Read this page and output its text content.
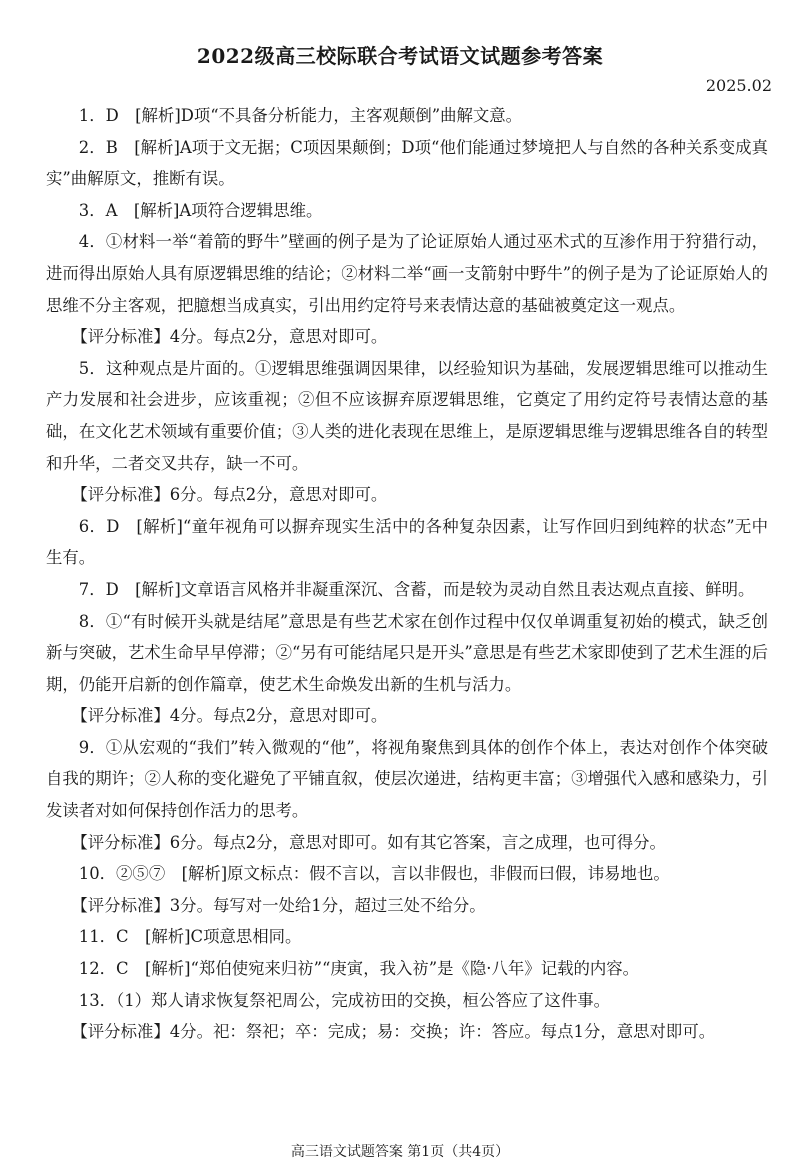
2022级高三校际联合考试语文试题参考答案
2025.02

1．D　[解析]D项“不具备分析能力，主客观颠倒”曲解文意。

2．B　[解析]A项于文无据；C项因果颠倒；D项“他们能通过梦境把人与自然的各种关系变成真实”曲解原文，推断有误。

3．A　[解析]A项符合逻辑思维。

4．①材料一举“着箭的野牛”壁画的例子是为了论证原始人通过巫术式的互渗作用于狩猎行动，进而得出原始人具有原逻辑思维的结论；②材料二举“画一支箭射中野牛”的例子是为了论证原始人的思维不分主客观，把臆想当成真实，引出用约定符号来表情达意的基础被奠定这一观点。

【评分标准】4分。每点2分，意思对即可。

5．这种观点是片面的。①逻辑思维强调因果律，以经验知识为基础，发展逻辑思维可以推动生产力发展和社会进步，应该重视；②但不应该摒弃原逻辑思维，它奠定了用约定符号表情达意的基础，在文化艺术领域有重要价值；③人类的进化表现在思维上，是原逻辑思维与逻辑思维各自的转型和升华，二者交叉共存，缺一不可。

【评分标准】6分。每点2分，意思对即可。

6．D　[解析]“童年视角可以摒弃现实生活中的各种复杂因素，让写作回归到纯粹的状态”无中生有。

7．D　[解析]文章语言风格并非凝重深沉、含蓄，而是较为灵动自然且表达观点直接、鲜明。

8．①“有时候开头就是结尾”意思是有些艺术家在创作过程中仅仅单调重复初始的模式，缺乏创新与突破，艺术生命早早停滞；②“另有可能结尾只是开头”意思是有些艺术家即使到了艺术生涯的后期，仍能开启新的创作篇章，使艺术生命焕发出新的生机与活力。

【评分标准】4分。每点2分，意思对即可。

9．①从宏观的“我们”转入微观的“他”，将视角聚焦到具体的创作个体上，表达对创作个体突破自我的期许；②人称的变化避免了平铺直叙，使层次递进，结构更丰富；③增强代入感和感染力，引发读者对如何保持创作活力的思考。

【评分标准】6分。每点2分，意思对即可。如有其它答案，言之成理，也可得分。

10．②⑤⑦　[解析]原文标点：假不言以，言以非假也，非假而曰假，讳易地也。

【评分标准】3分。每写对一处给1分，超过三处不给分。

11．C　[解析]C项意思相同。

12．C　[解析]“郑伯使宛来归祊”“庚寅，我入祊”是《隐·八年》记载的内容。

13．（1）郑人请求恢复祭祀周公，完成祊田的交换，桓公答应了这件事。

【评分标准】4分。祀：祭祀；卒：完成；易：交换；许：答应。每点1分，意思对即可。

高三语文试题答案 第1页（共4页）
